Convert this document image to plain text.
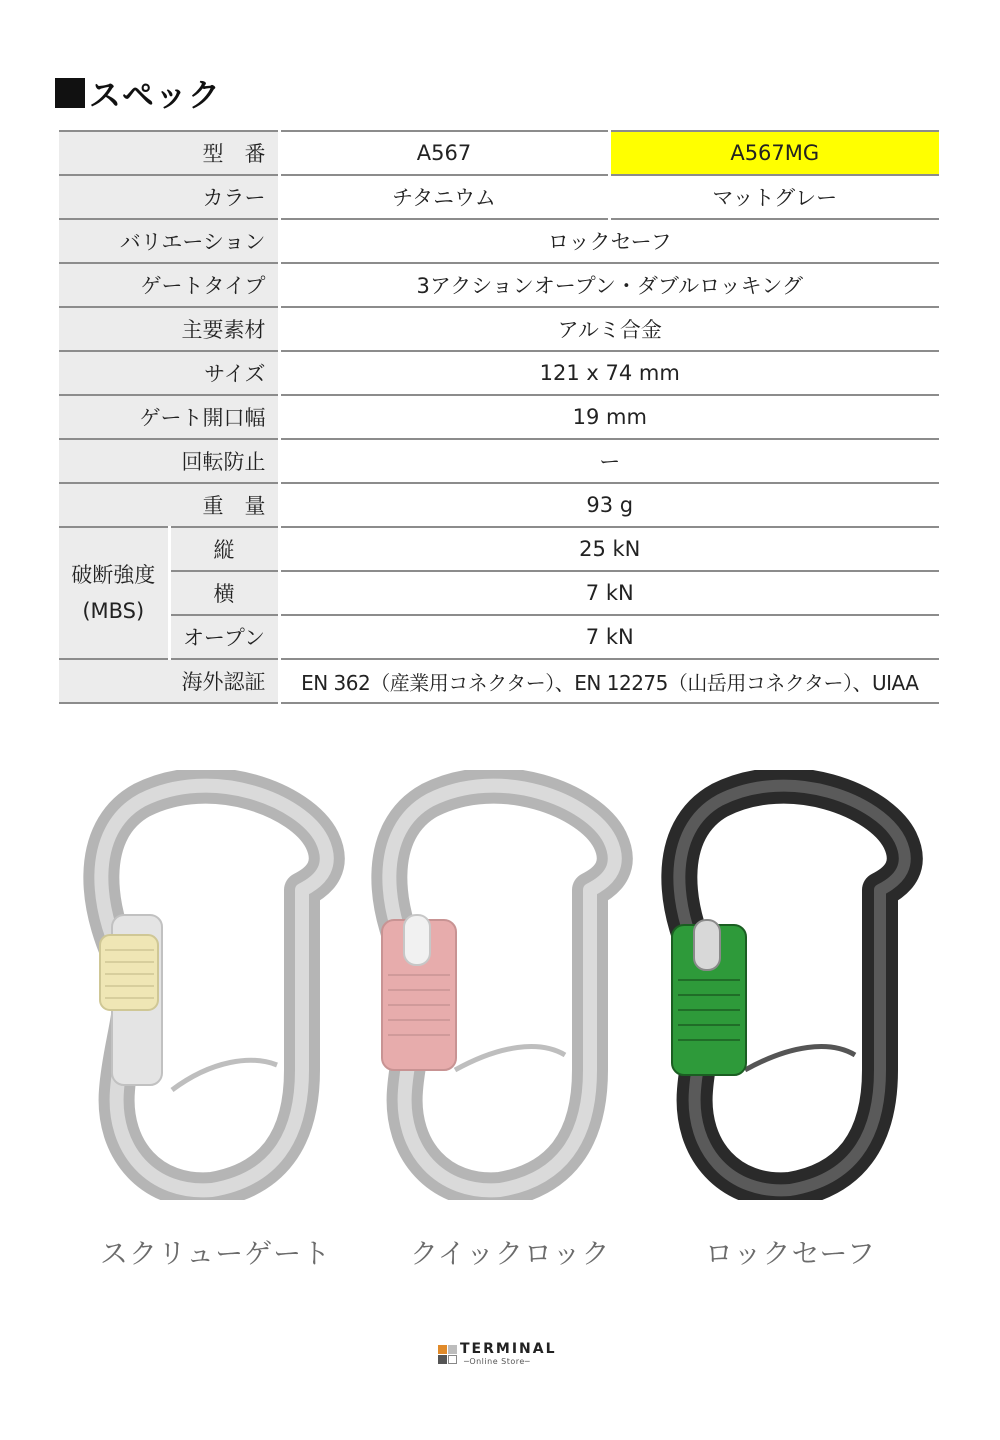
スペック
型　番		A567	A567MG
カラー		チタニウム	マットグレー
バリエーション		ロックセーフ	
ゲートタイプ		3アクションオープン・ダブルロッキング	
主要素材		アルミ合金	
サイズ		121 x 74 mm	
ゲート開口幅		19 mm	
回転防止		ー	
重　量		93 g	

破断強度
(MBS)	縦	25 kN	
	横	7 kN	
	オープン	7 kN	
海外認証		EN 362（産業用コネクター）、EN 12275（山岳用コネクター）、UIAA	
スクリューゲート	クイックロック	ロックセーフ
TERMINAL
─Online Store─
